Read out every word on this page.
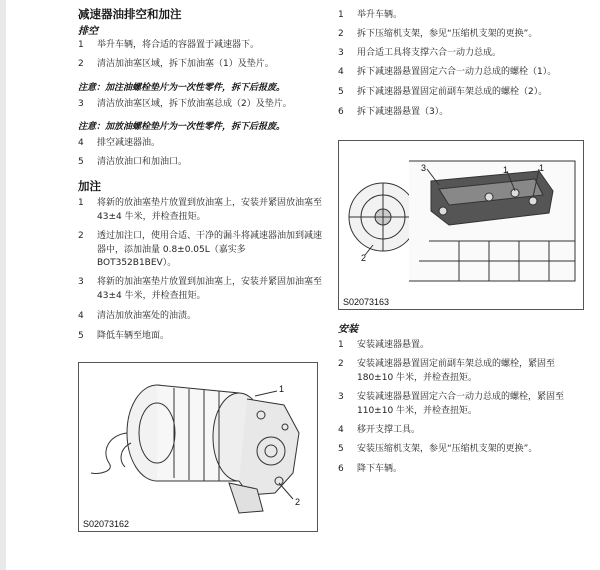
减速器油排空和加注
排空
1	举升车辆，将合适的容器置于减速器下。
2	清洁加油塞区域，拆下加油塞（1）及垫片。
注意：加注油螺栓垫片为一次性零件，拆下后报废。
3	清洁放油塞区域，拆下放油塞总成（2）及垫片。
注意：加放油螺栓垫片为一次性零件，拆下后报废。
4	排空减速器油。
5	清洁放油口和加油口。
加注
1	将新的放油塞垫片放置到放油塞上，安装并紧固放油塞至 43±4 牛米，并检查扭矩。
2	透过加注口，使用合适、干净的漏斗将减速器油加到减速器中，添加油量 0.8±0.05L（嘉实多 BOT352B1BEV）。
3	将新的加油塞垫片放置到加油塞上，安装并紧固加油塞至 43±4 牛米，并检查扭矩。
4	清洁加放油塞处的油渍。
5	降低车辆至地面。
1
2
S02073162
1	举升车辆。
2	拆下压缩机支架，参见“压缩机支架的更换”。
3	用合适工具将支撑六合一动力总成。
4	拆下减速器悬置固定六合一动力总成的螺栓（1）。
5	拆下减速器悬置固定前副车架总成的螺栓（2）。
6	拆下减速器悬置（3）。
安装
1	安装减速器悬置。
2	安装减速器悬置固定前副车架总成的螺栓，紧固至 180±10 牛米，并检查扭矩。
3	安装减速器悬置固定六合一动力总成的螺栓，紧固至 110±10 牛米，并检查扭矩。
4	移开支撑工具。
5	安装压缩机支架，参见“压缩机支架的更换”。
6	降下车辆。
3	1	1
2
S02073163
